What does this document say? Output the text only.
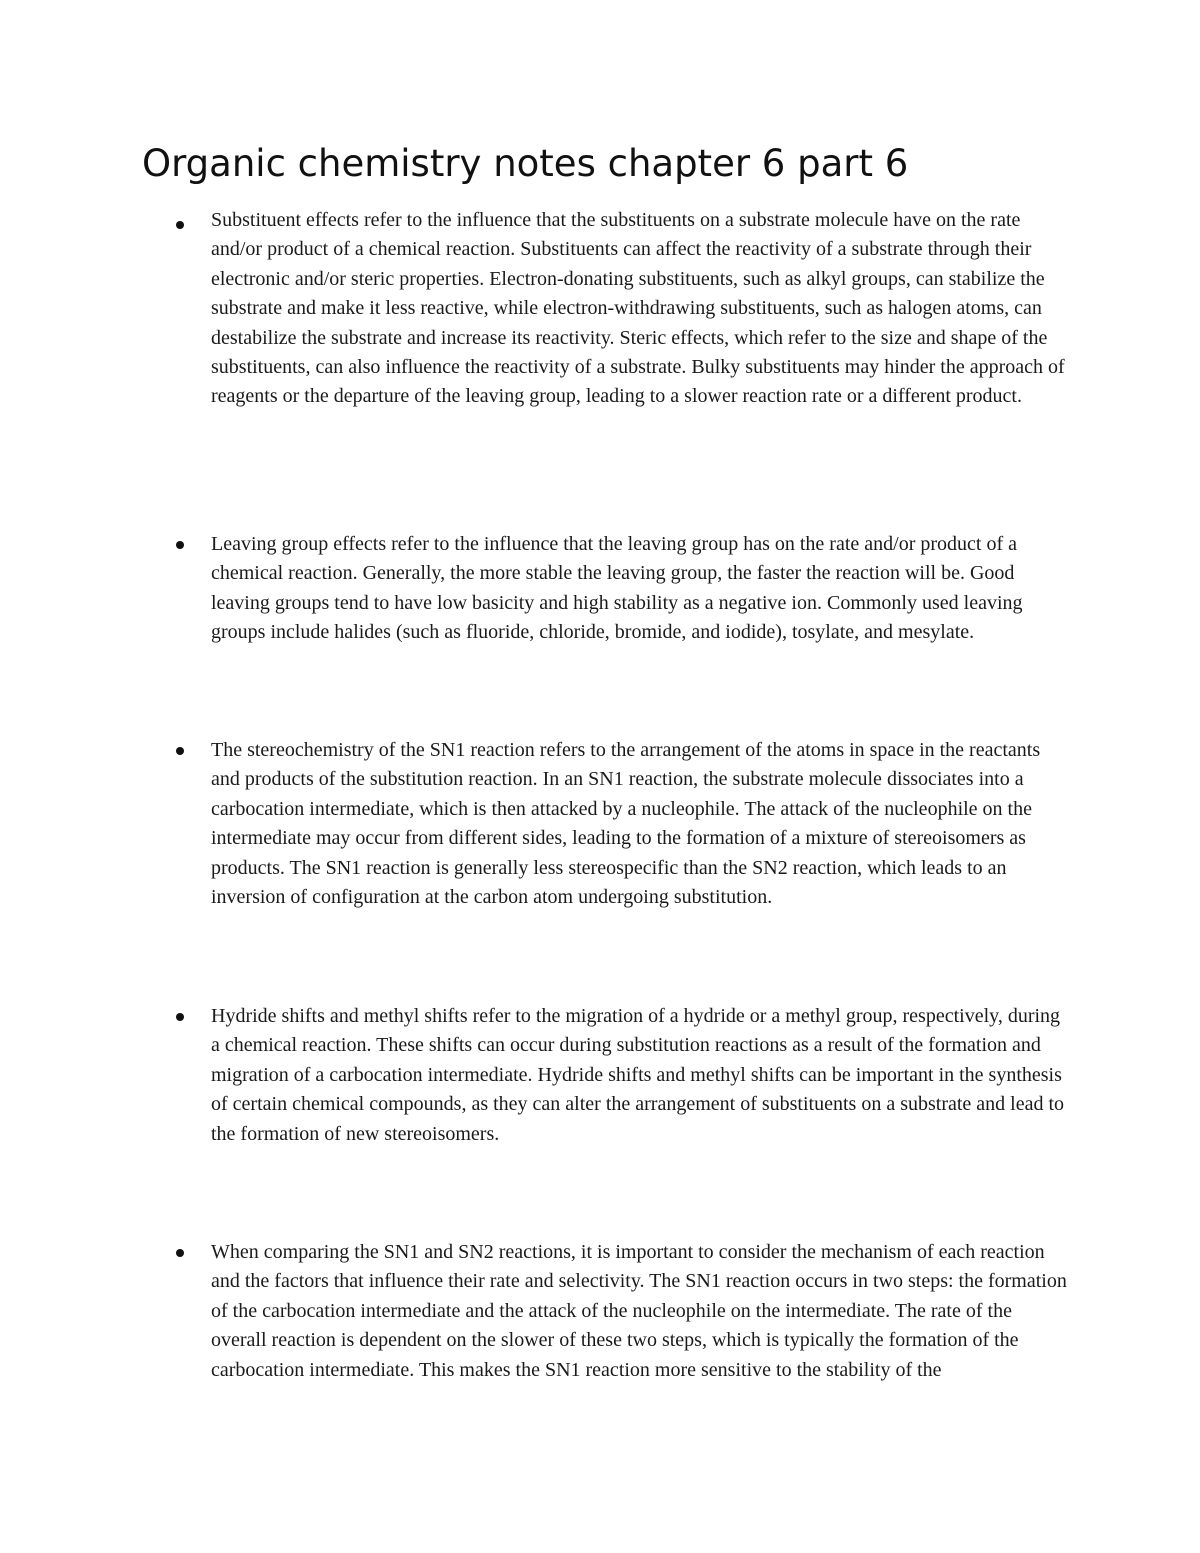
Organic chemistry notes chapter 6 part 6

Substituent effects refer to the influence that the substituents on a substrate molecule have on the rate and/or product of a chemical reaction. Substituents can affect the reactivity of a substrate through their electronic and/or steric properties. Electron-donating substituents, such as alkyl groups, can stabilize the substrate and make it less reactive, while electron-withdrawing substituents, such as halogen atoms, can destabilize the substrate and increase its reactivity. Steric effects, which refer to the size and shape of the substituents, can also influence the reactivity of a substrate. Bulky substituents may hinder the approach of reagents or the departure of the leaving group, leading to a slower reaction rate or a different product.

Leaving group effects refer to the influence that the leaving group has on the rate and/or product of a chemical reaction. Generally, the more stable the leaving group, the faster the reaction will be. Good leaving groups tend to have low basicity and high stability as a negative ion. Commonly used leaving groups include halides (such as fluoride, chloride, bromide, and iodide), tosylate, and mesylate.

The stereochemistry of the SN1 reaction refers to the arrangement of the atoms in space in the reactants and products of the substitution reaction. In an SN1 reaction, the substrate molecule dissociates into a carbocation intermediate, which is then attacked by a nucleophile. The attack of the nucleophile on the intermediate may occur from different sides, leading to the formation of a mixture of stereoisomers as products. The SN1 reaction is generally less stereospecific than the SN2 reaction, which leads to an inversion of configuration at the carbon atom undergoing substitution.

Hydride shifts and methyl shifts refer to the migration of a hydride or a methyl group, respectively, during a chemical reaction. These shifts can occur during substitution reactions as a result of the formation and migration of a carbocation intermediate. Hydride shifts and methyl shifts can be important in the synthesis of certain chemical compounds, as they can alter the arrangement of substituents on a substrate and lead to the formation of new stereoisomers.

When comparing the SN1 and SN2 reactions, it is important to consider the mechanism of each reaction and the factors that influence their rate and selectivity. The SN1 reaction occurs in two steps: the formation of the carbocation intermediate and the attack of the nucleophile on the intermediate. The rate of the overall reaction is dependent on the slower of these two steps, which is typically the formation of the carbocation intermediate. This makes the SN1 reaction more sensitive to the stability of the
